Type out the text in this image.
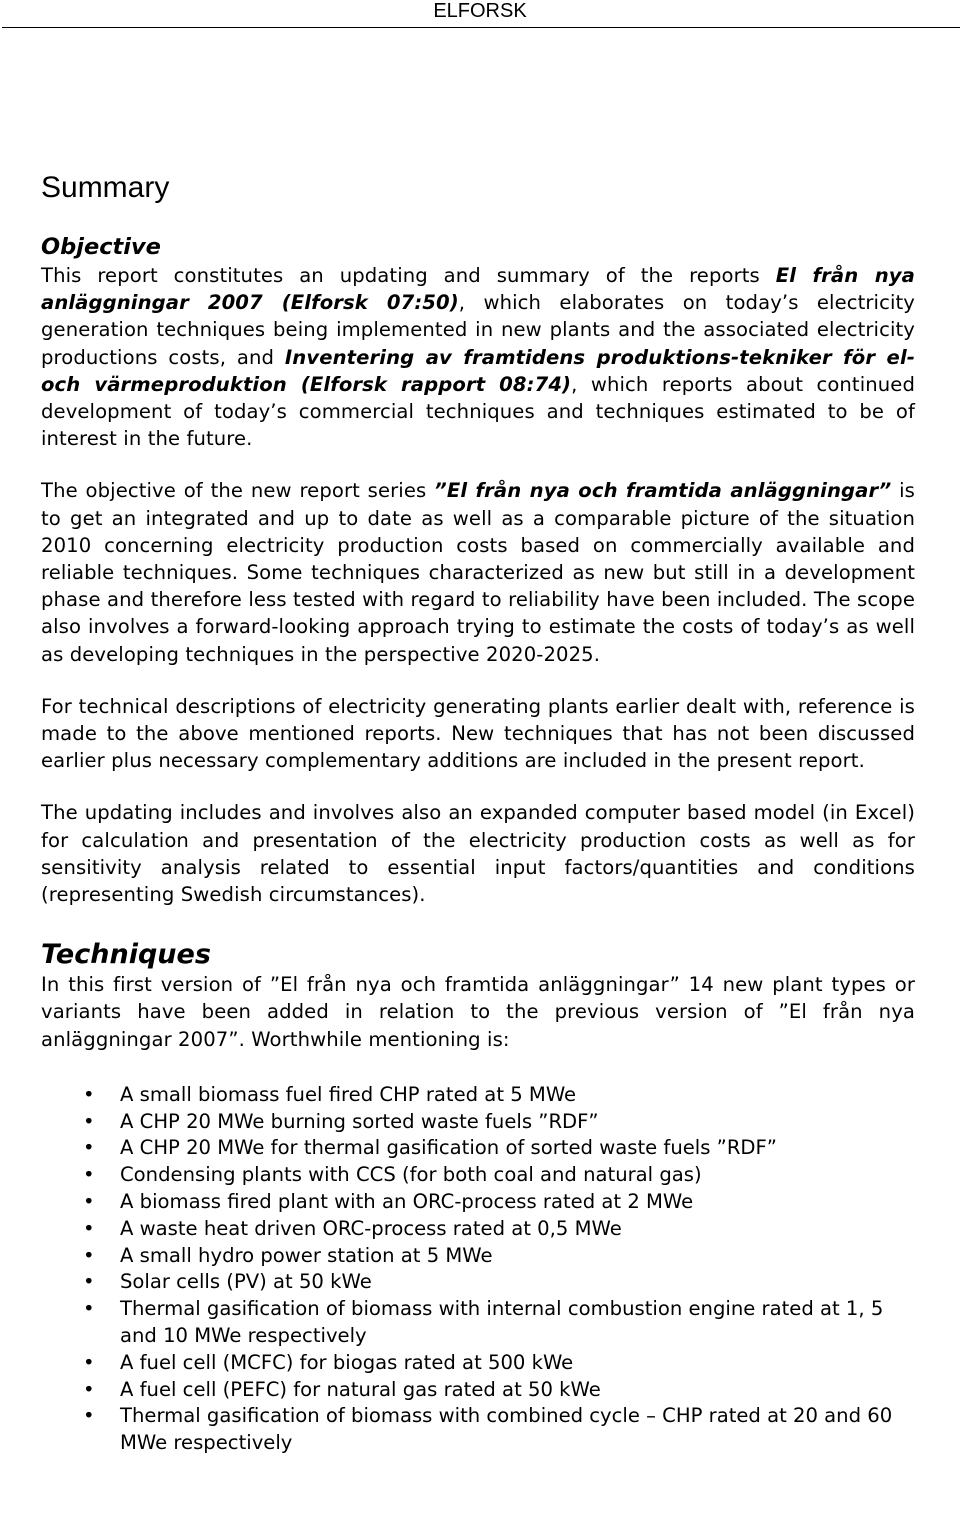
ELFORSK
Summary
Objective

This report constitutes an updating and summary of the reports El från nya anläggningar 2007 (Elforsk 07:50), which elaborates on today’s electricity generation techniques being implemented in new plants and the associated electricity productions costs, and Inventering av framtidens produktions-tekniker för el- och värmeproduktion (Elforsk rapport 08:74), which reports about continued development of today’s commercial techniques and techniques estimated to be of interest in the future.

The objective of the new report series ”El från nya och framtida anläggningar” is to get an integrated and up to date as well as a comparable picture of the situation 2010 concerning electricity production costs based on commercially available and reliable techniques. Some techniques characterized as new but still in a development phase and therefore less tested with regard to reliability have been included. The scope also involves a forward-looking approach trying to estimate the costs of today’s as well as developing techniques in the perspective 2020-2025.

For technical descriptions of electricity generating plants earlier dealt with, reference is made to the above mentioned reports. New techniques that has not been discussed earlier plus necessary complementary additions are included in the present report.

The updating includes and involves also an expanded computer based model (in Excel) for calculation and presentation of the electricity production costs as well as for sensitivity analysis related to essential input factors/quantities and conditions (representing Swedish circumstances).

Techniques

In this first version of ”El från nya och framtida anläggningar” 14 new plant types or variants have been added in relation to the previous version of ”El från nya anläggningar 2007”. Worthwhile mentioning is:

• A small biomass fuel fired CHP rated at 5 MWe
• A CHP 20 MWe burning sorted waste fuels ”RDF”
• A CHP 20 MWe for thermal gasification of sorted waste fuels ”RDF”
• Condensing plants with CCS (for both coal and natural gas)
• A biomass fired plant with an ORC-process rated at 2 MWe
• A waste heat driven ORC-process rated at 0,5 MWe
• A small hydro power station at 5 MWe
• Solar cells (PV) at 50 kWe
• Thermal gasification of biomass with internal combustion engine rated at 1, 5 and 10 MWe respectively
• A fuel cell (MCFC) for biogas rated at 500 kWe
• A fuel cell (PEFC) for natural gas rated at 50 kWe
• Thermal gasification of biomass with combined cycle – CHP rated at 20 and 60 MWe respectively
